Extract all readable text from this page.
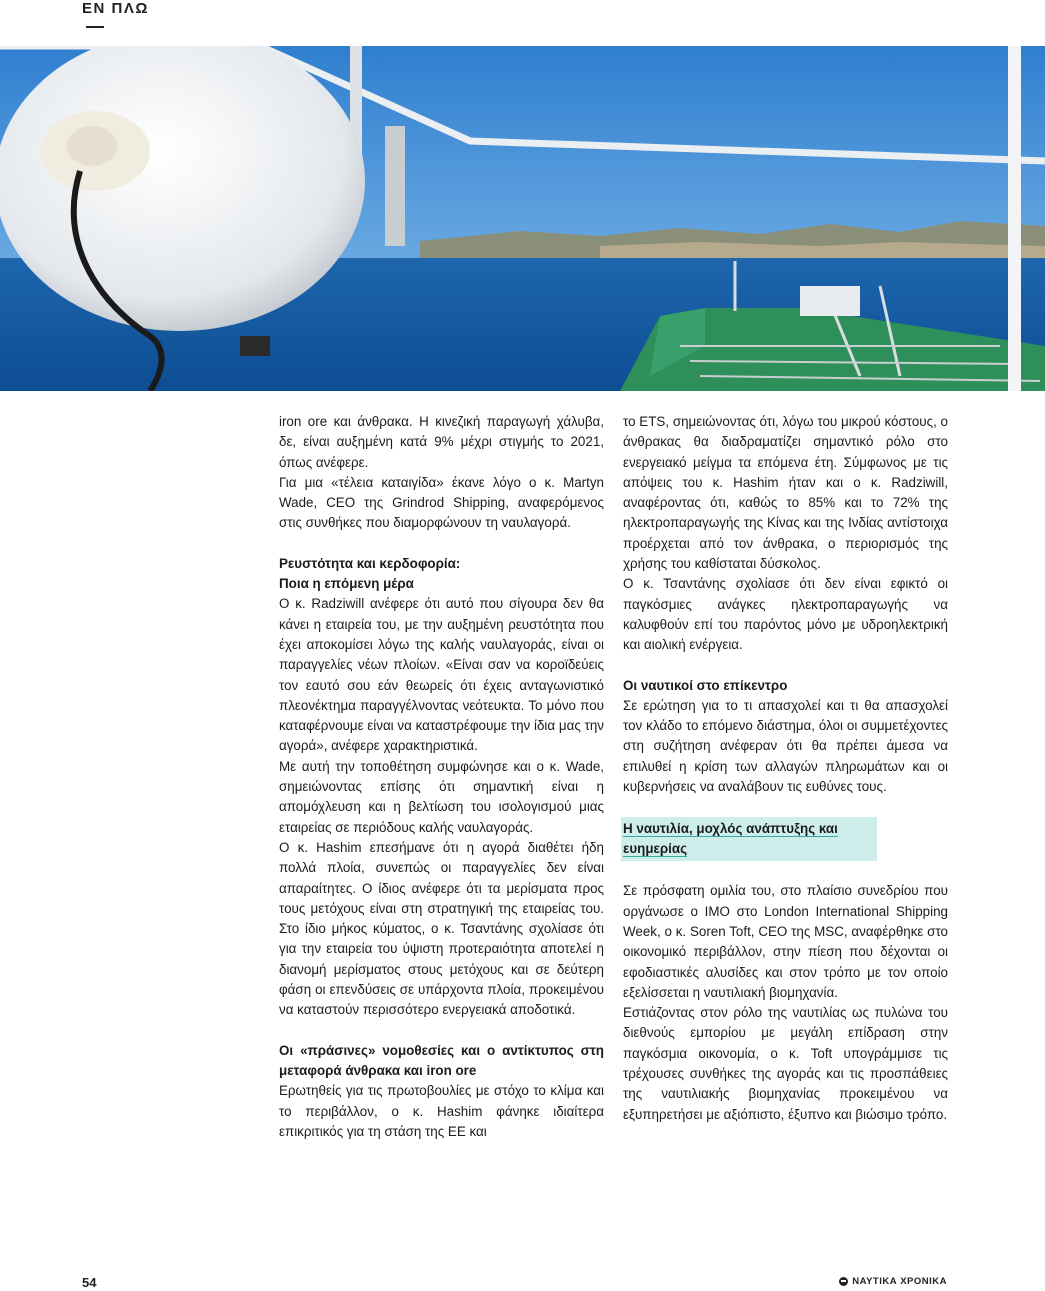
ΕΝ ΠΛΩ

iron ore και άνθρακα. Η κινεζική παραγωγή χάλυβα, δε, είναι αυξημένη κατά 9% μέχρι στιγμής το 2021, όπως ανέφερε.

Για μια «τέλεια καταιγίδα» έκανε λόγο ο κ. Martyn Wade, CEO της Grindrod Shipping, αναφερόμενος στις συνθήκες που διαμορφώνουν τη ναυλαγορά.

Ρευστότητα και κερδοφορία:

Ποια η επόμενη μέρα

Ο κ. Radziwill ανέφερε ότι αυτό που σίγουρα δεν θα κάνει η εταιρεία του, με την αυξημένη ρευστότητα που έχει αποκομίσει λόγω της καλής ναυλαγοράς, είναι οι παραγγελίες νέων πλοίων. «Είναι σαν να κοροϊδεύεις τον εαυτό σου εάν θεωρείς ότι έχεις ανταγωνιστικό πλεονέκτημα παραγγέλνοντας νεότευκτα. Το μόνο που καταφέρνουμε είναι να καταστρέφουμε την ίδια μας την αγορά», ανέφερε χαρακτηριστικά.

Με αυτή την τοποθέτηση συμφώνησε και ο κ. Wade, σημειώνοντας επίσης ότι σημαντική είναι η απομόχλευση και η βελτίωση του ισολογισμού μιας εταιρείας σε περιόδους καλής ναυλαγοράς.

Ο κ. Hashim επεσήμανε ότι η αγορά διαθέτει ήδη πολλά πλοία, συνεπώς οι παραγγελίες δεν είναι απαραίτητες. Ο ίδιος ανέφερε ότι τα μερίσματα προς τους μετόχους είναι στη στρατηγική της εταιρείας του. Στο ίδιο μήκος κύματος, ο κ. Τσαντάνης σχολίασε ότι για την εταιρεία του ύψιστη προτεραιότητα αποτελεί η διανομή μερίσματος στους μετόχους και σε δεύτερη φάση οι επενδύσεις σε υπάρχοντα πλοία, προκειμένου να καταστούν περισσότερο ενεργειακά αποδοτικά.

Οι «πράσινες» νομοθεσίες και ο αντίκτυπος στη μεταφορά άνθρακα και iron ore

Ερωτηθείς για τις πρωτοβουλίες με στόχο το κλίμα και το περιβάλλον, ο κ. Hashim φάνηκε ιδιαίτερα επικριτικός για τη στάση της ΕΕ και

το ETS, σημειώνοντας ότι, λόγω του μικρού κόστους, ο άνθρακας θα διαδραματίζει σημαντικό ρόλο στο ενεργειακό μείγμα τα επόμενα έτη. Σύμφωνος με τις απόψεις του κ. Hashim ήταν και ο κ. Radziwill, αναφέροντας ότι, καθώς το 85% και το 72% της ηλεκτροπαραγωγής της Κίνας και της Ινδίας αντίστοιχα προέρχεται από τον άνθρακα, ο περιορισμός της χρήσης του καθίσταται δύσκολος.

Ο κ. Τσαντάνης σχολίασε ότι δεν είναι εφικτό οι παγκόσμιες ανάγκες ηλεκτροπαραγωγής να καλυφθούν επί του παρόντος μόνο με υδροηλεκτρική και αιολική ενέργεια.

Οι ναυτικοί στο επίκεντρο

Σε ερώτηση για το τι απασχολεί και τι θα απασχολεί τον κλάδο το επόμενο διάστημα, όλοι οι συμμετέχοντες στη συζήτηση ανέφεραν ότι θα πρέπει άμεσα να επιλυθεί η κρίση των αλλαγών πληρωμάτων και οι κυβερνήσεις να αναλάβουν τις ευθύνες τους.

Η ναυτιλία, μοχλός ανάπτυξης και ευημερίας

Σε πρόσφατη ομιλία του, στο πλαίσιο συνεδρίου που οργάνωσε ο IMO στο London International Shipping Week, ο κ. Soren Toft, CEO της MSC, αναφέρθηκε στο οικονομικό περιβάλλον, στην πίεση που δέχονται οι εφοδιαστικές αλυσίδες και στον τρόπο με τον οποίο εξελίσσεται η ναυτιλιακή βιομηχανία.

Εστιάζοντας στον ρόλο της ναυτιλίας ως πυλώνα του διεθνούς εμπορίου με μεγάλη επίδραση στην παγκόσμια οικονομία, ο κ. Toft υπογράμμισε τις τρέχουσες συνθήκες της αγοράς και τις προσπάθειες της ναυτιλιακής βιομηχανίας προκειμένου να εξυπηρετήσει με αξιόπιστο, έξυπνο και βιώσιμο τρόπο.

54	ΝΑΥΤΙΚΑ ΧΡΟΝΙΚΑ
